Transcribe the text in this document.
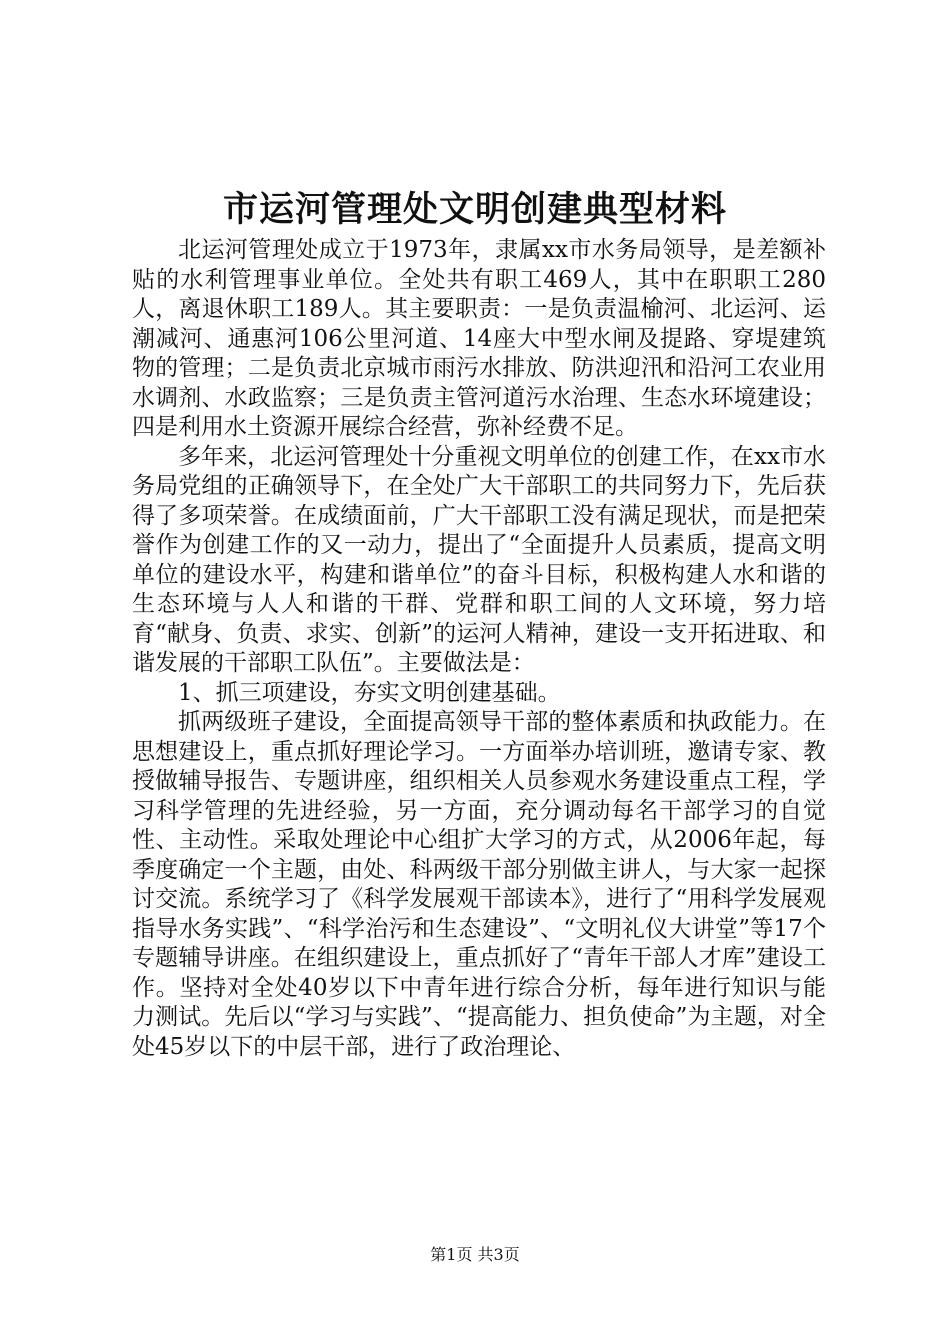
市运河管理处文明创建典型材料

北运河管理处成立于1973年，隶属xx市水务局领导，是差额补贴的水利管理事业单位。全处共有职工469人，其中在职职工280人，离退休职工189人。其主要职责：一是负责温榆河、北运河、运潮减河、通惠河106公里河道、14座大中型水闸及提路、穿堤建筑物的管理；二是负责北京城市雨污水排放、防洪迎汛和沿河工农业用水调剂、水政监察；三是负责主管河道污水治理、生态水环境建设；四是利用水土资源开展综合经营，弥补经费不足。

多年来，北运河管理处十分重视文明单位的创建工作，在xx市水务局党组的正确领导下，在全处广大干部职工的共同努力下，先后获得了多项荣誉。在成绩面前，广大干部职工没有满足现状，而是把荣誉作为创建工作的又一动力，提出了“全面提升人员素质，提高文明单位的建设水平，构建和谐单位”的奋斗目标，积极构建人水和谐的生态环境与人人和谐的干群、党群和职工间的人文环境，努力培育“献身、负责、求实、创新”的运河人精神，建设一支开拓进取、和谐发展的干部职工队伍”。主要做法是：

1、抓三项建设，夯实文明创建基础。

抓两级班子建设，全面提高领导干部的整体素质和执政能力。在思想建设上，重点抓好理论学习。一方面举办培训班，邀请专家、教授做辅导报告、专题讲座，组织相关人员参观水务建设重点工程，学习科学管理的先进经验，另一方面，充分调动每名干部学习的自觉性、主动性。采取处理论中心组扩大学习的方式，从2006年起，每季度确定一个主题，由处、科两级干部分别做主讲人，与大家一起探讨交流。系统学习了《科学发展观干部读本》，进行了“用科学发展观指导水务实践”、“科学治污和生态建设”、“文明礼仪大讲堂”等17个专题辅导讲座。在组织建设上，重点抓好了“青年干部人才库”建设工作。坚持对全处40岁以下中青年进行综合分析，每年进行知识与能力测试。先后以“学习与实践”、“提高能力、担负使命”为主题，对全处45岁以下的中层干部，进行了政治理论、

第1页 共3页
